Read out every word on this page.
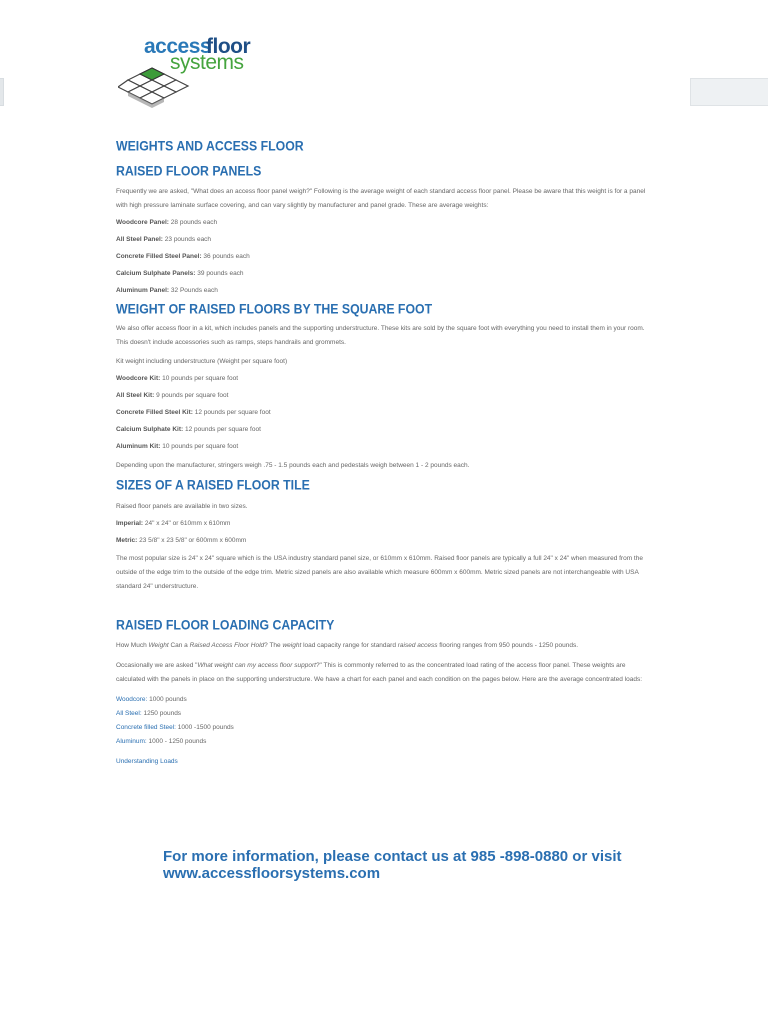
access
floor
systems
WEIGHTS AND ACCESS FLOOR
RAISED FLOOR PANELS

Frequently we are asked, "What does an access floor panel weigh?" Following is the average weight of each standard access floor panel. Please be aware that this weight is for a panel with high pressure laminate surface covering, and can vary slightly by manufacturer and panel grade. These are average weights:

Woodcore Panel: 28 pounds each

All Steel Panel: 23 pounds each

Concrete Filled Steel Panel: 36 pounds each

Calcium Sulphate Panels: 39 pounds each

Aluminum Panel: 32 Pounds each

WEIGHT OF RAISED FLOORS BY THE SQUARE FOOT

We also offer access floor in a kit, which includes panels and the supporting understructure. These kits are sold by the square foot with everything you need to install them in your room. This doesn't include accessories such as ramps, steps handrails and grommets.

Kit weight including understructure (Weight per square foot)

Woodcore Kit: 10 pounds per square foot

All Steel Kit: 9 pounds per square foot

Concrete Filled Steel Kit: 12 pounds per square foot

Calcium Sulphate Kit: 12 pounds per square foot

Aluminum Kit: 10 pounds per square foot

Depending upon the manufacturer, stringers weigh .75 - 1.5 pounds each and pedestals weigh between 1 - 2 pounds each.

SIZES OF A RAISED FLOOR TILE

Raised floor panels are available in two sizes.

Imperial: 24" x 24" or 610mm x 610mm

Metric: 23 5/8" x 23 5/8" or 600mm x 600mm

The most popular size is 24" x 24" square which is the USA industry standard panel size, or 610mm x 610mm. Raised floor panels are typically a full 24" x 24" when measured from the outside of the edge trim to the outside of the edge trim. Metric sized panels are also available which measure 600mm x 600mm. Metric sized panels are not interchangeable with USA standard 24" understructure.

RAISED FLOOR LOADING CAPACITY

How Much Weight Can a Raised Access Floor Hold? The weight load capacity range for standard raised access flooring ranges from 950 pounds - 1250 pounds.

Occasionally we are asked "What weight can my access floor support?" This is commonly referred to as the concentrated load rating of the access floor panel. These weights are calculated with the panels in place on the supporting understructure. We have a chart for each panel and each condition on the pages below. Here are the average concentrated loads:

Woodcore: 1000 pounds

All Steel: 1250 pounds

Concrete filled Steel: 1000 -1500 pounds

Aluminum: 1000 - 1250 pounds

Understanding Loads

For more information, please contact us at 985 -898-0880 or visit
www.accessfloorsystems.com
